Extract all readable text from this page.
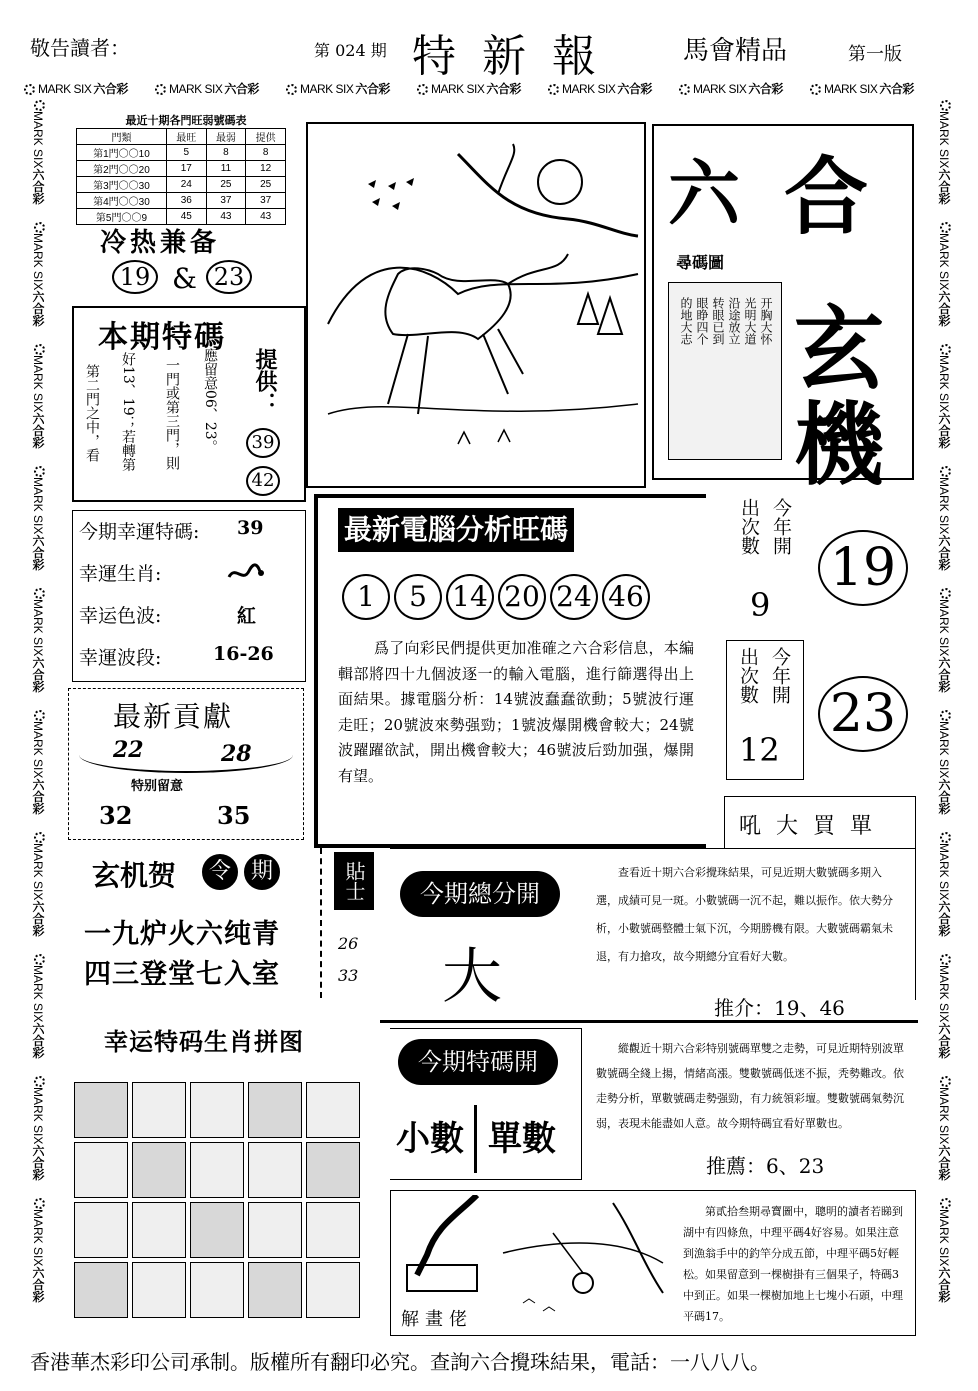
敬告讀者：	第 024 期 特 新 報	馬會精品	第一版
MARK SIX 六合彩	MARK SIX 六合彩	MARK SIX 六合彩	MARK SIX 六合彩	MARK SIX 六合彩	MARK SIX 六合彩	MARK SIX 六合彩
MARK SIX六合彩
MARK SIX六合彩
MARK SIX六合彩
MARK SIX六合彩
MARK SIX六合彩
MARK SIX六合彩
MARK SIX六合彩
MARK SIX六合彩
MARK SIX六合彩
MARK SIX六合彩
MARK SIX六合彩
MARK SIX六合彩
MARK SIX六合彩
MARK SIX六合彩
MARK SIX六合彩
MARK SIX六合彩
MARK SIX六合彩
MARK SIX六合彩
MARK SIX六合彩
MARK SIX六合彩
最近十期各門旺弱號碼表
門類	最旺	最弱	提供
第1門〇〇10	5	8	8
第2門〇〇20	17	11	12
第3門〇〇30	24	25	25
第4門〇〇30	36	37	37
第5門〇〇9	45	43	43
冷热兼备
19 & 23
本期特碼
第二門之中，看	好13、19；若轉第	一門或第三門，則	應留意06、23。 提供：
39
42
今期幸運特碼: 39
幸運生肖:
幸运色波:	紅
幸運波段:	16-26
最新貢獻
22	28
特别留意
32	35
玄机贺	令 期
一九炉火六纯青
四三登堂七入室
貼士
26
33
幸运特码生肖拼图
六 合
尋碼圖
玄
機
开胸大怀
光明大道
沿途放立
转眼已到
眼睁四个
的地大志
最新電腦分析旺碼
1	5 14 20 24 46
爲了向彩民們提供更加准確之六合彩信息，本編輯部將四十九個波逐一的輸入電腦，進行篩選得出上面結果。據電腦分析：14號波蠢蠢欲動；5號波行運走旺；20號波來勢强勁；1號波爆開機會較大；24號波躍躍欲試，開出機會較大；46號波后勁加强，爆開有望。
出次數 今年開
9
19
出次數 今年開
12
23
吼 大 買 單
今期總分開
大
查看近十期六合彩攪珠結果，可見近期大數號碼多期入選，成績可見一斑。小數號碼一沉不起，難以振作。依大勢分析，小數號碼整體士氣下沉，今期勝機有限。大數號碼霸氣未退，有力搶攻，故今期總分宜看好大數。
推介：19、46
今期特碼開
小數 單數
縱觀近十期六合彩特别號碼單雙之走勢，可見近期特别波單數號碼全綫上揚，情緒高漲。雙數號碼低迷不振，秃勢難改。依走勢分析，單數號碼走勢强勁，有力統領彩壇。雙數號碼氣勢沉弱，表現未能盡如人意。故今期特碼宜看好單數也。
推薦：6、23
解畫佬
第貳拾叁期尋寶圖中，聰明的讀者若睇到湖中有四條魚，中理平碼4好容易。如果注意到漁翁手中的釣竿分成五節，中理平碼5好輕松。如果留意到一棵樹掛有三個果子，特碼3中到正。如果一棵樹加地上七塊小石頭，中理平碼17。
香港華杰彩印公司承制。版權所有翻印必究。查詢六合攪珠結果，電話：一八八八。
